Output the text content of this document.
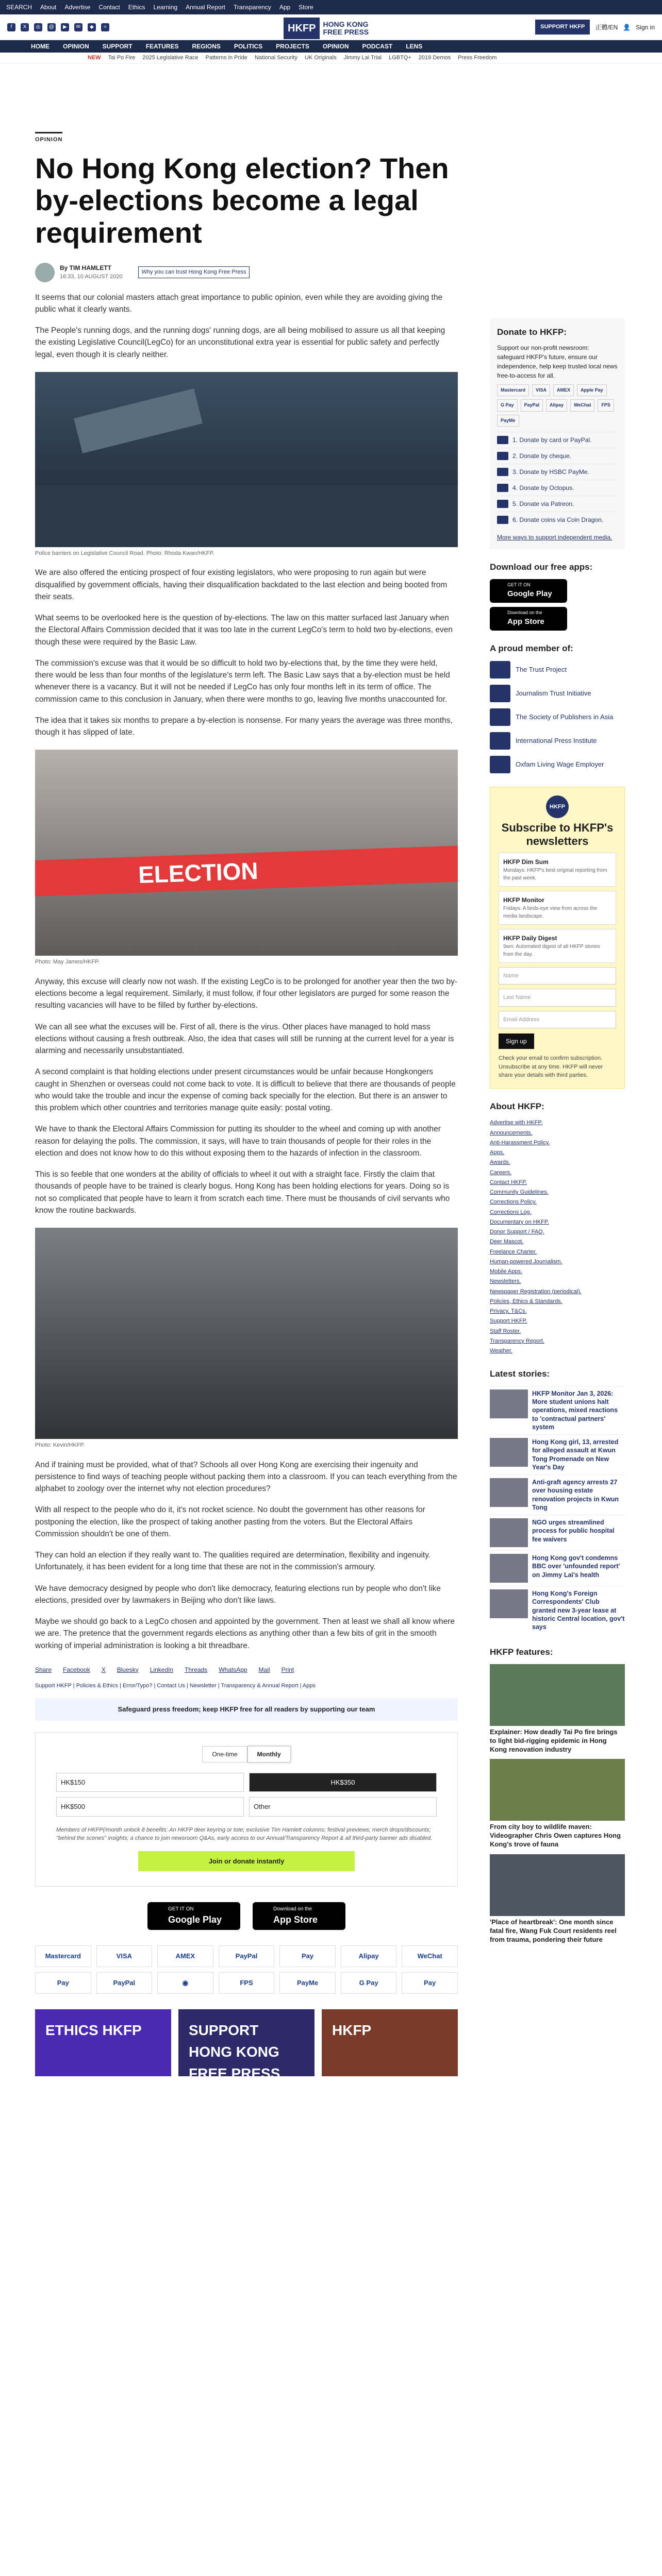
SEARCH About Advertise Contact Ethics Learning Annual Report Transparency App Store
f	X	◎	@	▶	✉	◆	≈	HKFP	HONG KONG
FREE PRESS
SUPPORT HKFP	正體/EN 👤 Sign in
HOME OPINION SUPPORT FEATURES REGIONS POLITICS PROJECTS OPINION PODCAST LENS
NEW Tai Po Fire 2025 Legislative Race Patterns in Pride National Security UK Originals Jimmy Lai Trial LGBTQ+ 2019 Demos Press Freedom
OPINION
No Hong Kong election? Then by-elections become a legal requirement
By TIM HAMLETT
16:33, 10 AUGUST 2020
Why you can trust Hong Kong Free Press

It seems that our colonial masters attach great importance to public opinion, even while they are avoiding giving the public what it clearly wants.

The People's running dogs, and the running dogs' running dogs, are all being mobilised to assure us all that keeping the existing Legislative Council(LegCo) for an unconstitutional extra year is essential for public safety and perfectly legal, even though it is clearly neither.

Police barriers on Legislative Council Road. Photo: Rhoda Kwan/HKFP.

We are also offered the enticing prospect of four existing legislators, who were proposing to run again but were disqualified by government officials, having their disqualification backdated to the last election and being booted from their seats.

What seems to be overlooked here is the question of by-elections. The law on this matter surfaced last January when the Electoral Affairs Commission decided that it was too late in the current LegCo's term to hold two by-elections, even though these were required by the Basic Law.

The commission's excuse was that it would be so difficult to hold two by-elections that, by the time they were held, there would be less than four months of the legislature's term left. The Basic Law says that a by-election must be held whenever there is a vacancy. But it will not be needed if LegCo has only four months left in its term of office. The commission came to this conclusion in January, when there were months to go, leaving five months unaccounted for.

The idea that it takes six months to prepare a by-election is nonsense. For many years the average was three months, though it has slipped of late.

ELECTION
Photo: May James/HKFP.

Anyway, this excuse will clearly now not wash. If the existing LegCo is to be prolonged for another year then the two by-elections become a legal requirement. Similarly, it must follow, if four other legislators are purged for some reason the resulting vacancies will have to be filled by further by-elections.

We can all see what the excuses will be. First of all, there is the virus. Other places have managed to hold mass elections without causing a fresh outbreak. Also, the idea that cases will still be running at the current level for a year is alarming and necessarily unsubstantiated.

A second complaint is that holding elections under present circumstances would be unfair because Hongkongers caught in Shenzhen or overseas could not come back to vote. It is difficult to believe that there are thousands of people who would take the trouble and incur the expense of coming back specially for the election. But there is an answer to this problem which other countries and territories manage quite easily: postal voting.

We have to thank the Electoral Affairs Commission for putting its shoulder to the wheel and coming up with another reason for delaying the polls. The commission, it says, will have to train thousands of people for their roles in the election and does not know how to do this without exposing them to the hazards of infection in the classroom.

This is so feeble that one wonders at the ability of officials to wheel it out with a straight face. Firstly the claim that thousands of people have to be trained is clearly bogus. Hong Kong has been holding elections for years. Doing so is not so complicated that people have to learn it from scratch each time. There must be thousands of civil servants who know the routine backwards.

Photo: Kevin/HKFP.

And if training must be provided, what of that? Schools all over Hong Kong are exercising their ingenuity and persistence to find ways of teaching people without packing them into a classroom. If you can teach everything from the alphabet to zoology over the internet why not election procedures?

With all respect to the people who do it, it's not rocket science. No doubt the government has other reasons for postponing the election, like the prospect of taking another pasting from the voters. But the Electoral Affairs Commission shouldn't be one of them.

They can hold an election if they really want to. The qualities required are determination, flexibility and ingenuity. Unfortunately, it has been evident for a long time that these are not in the commission's armoury.

We have democracy designed by people who don't like democracy, featuring elections run by people who don't like elections, presided over by lawmakers in Beijing who don't like laws.

Maybe we should go back to a LegCo chosen and appointed by the government. Then at least we shall all know where we are. The pretence that the government regards elections as anything other than a few bits of grit in the smooth working of imperial administration is looking a bit threadbare.

Share Facebook X Bluesky LinkedIn Threads WhatsApp Mail Print
Support HKFP | Policies & Ethics | Error/Typo? | Contact Us | Newsletter | Transparency & Annual Report | Apps
Safeguard press freedom; keep HKFP free for all readers by supporting our team
One-time	Monthly
HK$150	HK$350
HK$500	Other
Members of HKFP(/month unlock 8 benefits: An HKFP deer keyring or tote; exclusive Tim Hamlett columns; festival previews; merch drops/discounts; "behind the scenes" insights; a chance to join newsroom Q&As, early access to our Annual/Transparency Report & all third-party banner ads disabled.
Join or donate instantly
GET IT ON
Google Play
Download on the
App Store
Mastercard	VISA	AMEX	PayPal	Pay	Alipay	WeChat
Pay	PayPal	◉	FPS	PayMe	G Pay	Pay
ETHICS HKFP	SUPPORT HONG KONG FREE PRESS
HKFP
Donate to HKFP:
Support our non-profit newsroom: safeguard HKFP's future, ensure our independence, help keep trusted local news free-to-access for all.
Mastercard	VISA	AMEX	Apple Pay
G Pay	PayPal	Alipay	WeChat	FPS
PayMe
1. Donate by card or PayPal.
2. Donate by cheque.
3. Donate by HSBC PayMe.
4. Donate by Octopus.
5. Donate via Patreon.
6. Donate coins via Coin Dragon.
More ways to support independent media.
Download our free apps:
GET IT ON
Google Play
Download on the
App Store
A proud member of:
The Trust Project
Journalism Trust Initiative
The Society of Publishers in Asia
International Press Institute
Oxfam Living Wage Employer
HKFP
Subscribe to HKFP's newsletters
HKFP Dim Sum
Mondays: HKFP's best original reporting from the past week.
HKFP Monitor
Fridays: A birds-eye view from across the media landscape.
HKFP Daily Digest
9am: Automated digest of all HKFP stories from the day.
Name
Last Name
Email Address
Sign up
Check your email to confirm subscription. Unsubscribe at any time. HKFP will never share your details with third parties.
About HKFP:
Advertise with HKFP.
Announcements.
Anti-Harassment Policy.
Apps.
Awards.
Careers.
Contact HKFP.
Community Guidelines.
Corrections Policy.
Corrections Log.
Documentary on HKFP.
Donor Support / FAQ.
Deer Mascot.
Freelance Charter.
Human-powered Journalism.
Mobile Apps.
Newsletters.
Newspaper Registration (periodical).
Policies, Ethics & Standards.
Privacy, T&Cs.
Support HKFP.
Staff Roster.
Transparency Report.
Weather.
Latest stories:
HKFP Monitor Jan 3, 2026: More student unions halt operations, mixed reactions to 'contractual partners' system
Hong Kong girl, 13, arrested for alleged assault at Kwun Tong Promenade on New Year's Day
Anti-graft agency arrests 27 over housing estate renovation projects in Kwun Tong
NGO urges streamlined process for public hospital fee waivers
Hong Kong gov't condemns BBC over 'unfounded report' on Jimmy Lai's health
Hong Kong's Foreign Correspondents' Club granted new 3-year lease at historic Central location, gov't says
HKFP features:
Explainer: How deadly Tai Po fire brings to light bid-rigging epidemic in Hong Kong renovation industry
From city boy to wildlife maven: Videographer Chris Owen captures Hong Kong's trove of fauna
'Place of heartbreak': One month since fatal fire, Wang Fuk Court residents reel from trauma, pondering their future
